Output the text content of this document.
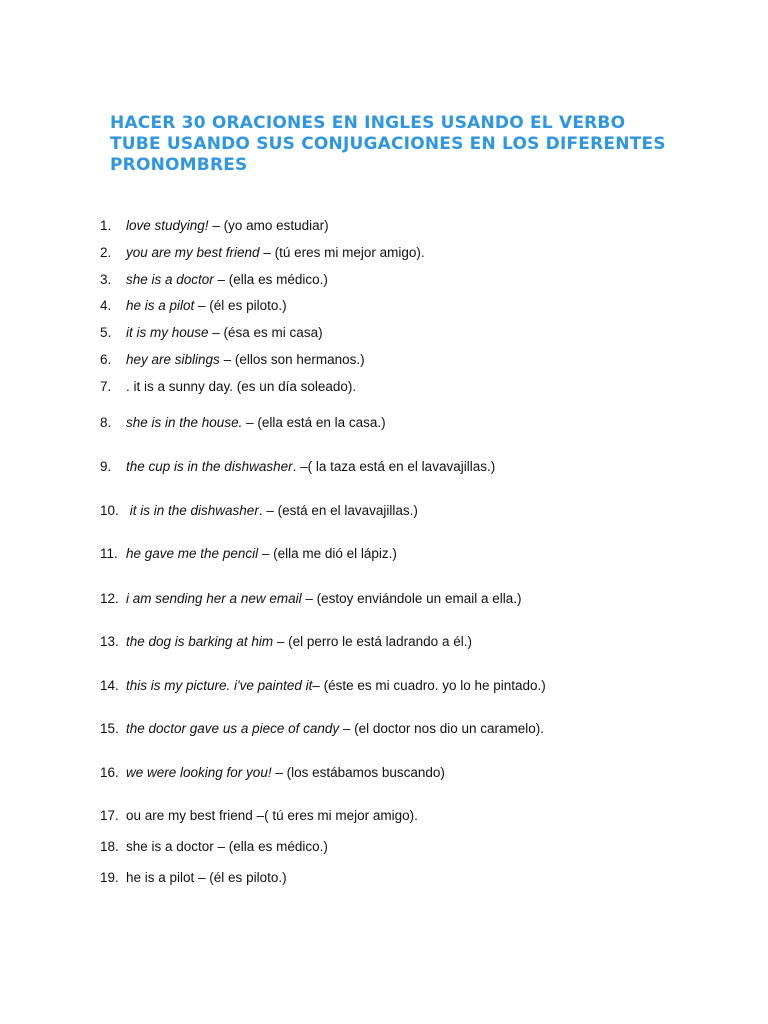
HACER 30 ORACIONES EN INGLES USANDO EL VERBO TUBE USANDO SUS CONJUGACIONES EN LOS DIFERENTES PRONOMBRES
1. love studying! – (yo amo estudiar)
2. you are my best friend – (tú eres mi mejor amigo).
3. she is a doctor – (ella es médico.)
4. he is a pilot – (él es piloto.)
5. it is my house – (ésa es mi casa)
6. hey are siblings – (ellos son hermanos.)
7. . it is a sunny day. (es un día soleado).
8. she is in the house. – (ella está en la casa.)
9. the cup is in the dishwasher. –( la taza está en el lavavajillas.)
10. it is in the dishwasher. – (está en el lavavajillas.)
11. he gave me the pencil – (ella me dió el lápiz.)
12. i am sending her a new email – (estoy enviándole un email a ella.)
13. the dog is barking at him – (el perro le está ladrando a él.)
14. this is my picture. i've painted it– (éste es mi cuadro. yo lo he pintado.)
15. the doctor gave us a piece of candy – (el doctor nos dio un caramelo).
16. we were looking for you! – (los estábamos buscando)
17. ou are my best friend –( tú eres mi mejor amigo).
18. she is a doctor – (ella es médico.)
19. he is a pilot – (él es piloto.)
